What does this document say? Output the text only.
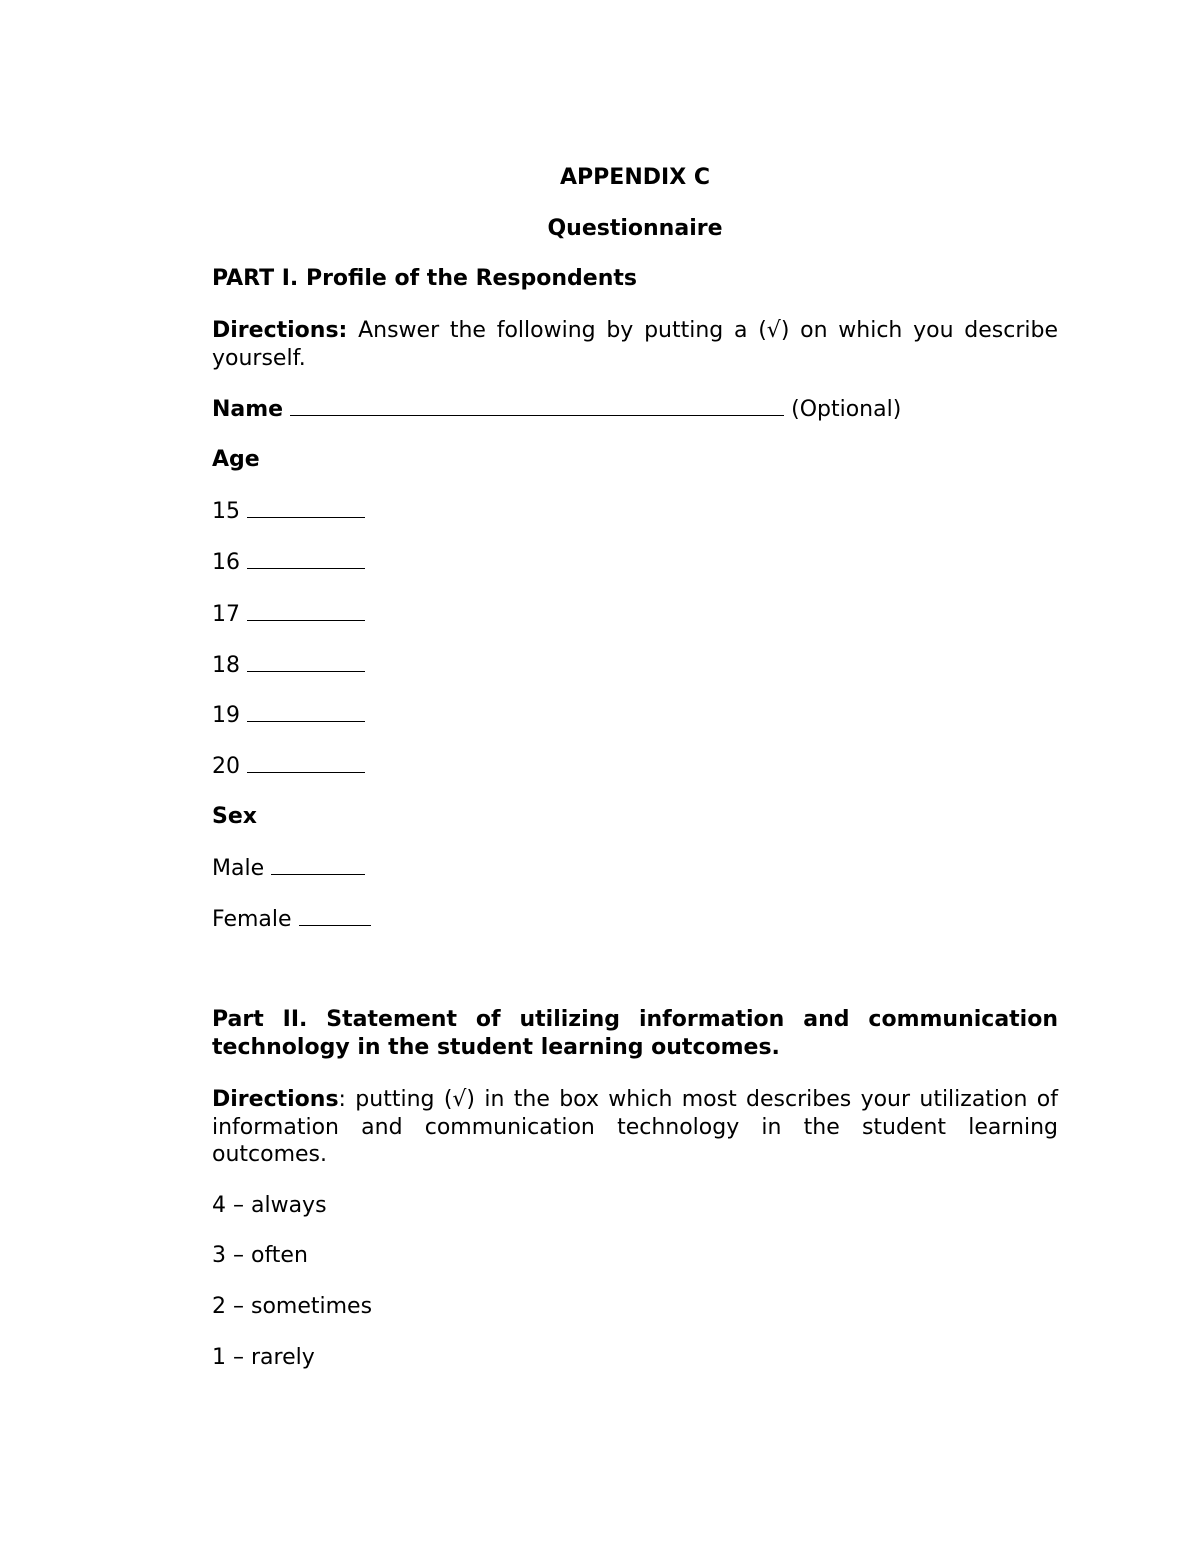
APPENDIX C
Questionnaire
PART I. Profile of the Respondents
Directions: Answer the following by putting a (√) on which you describe yourself.
Name	(Optional)
Age
15
16
17
18
19
20
Sex
Male
Female
Part II. Statement of utilizing information and communication technology in the student learning outcomes.
Directions: putting (√) in the box which most describes your utilization of information and communication technology in the student learning outcomes.
4 – always
3 – often
2 – sometimes
1 – rarely
